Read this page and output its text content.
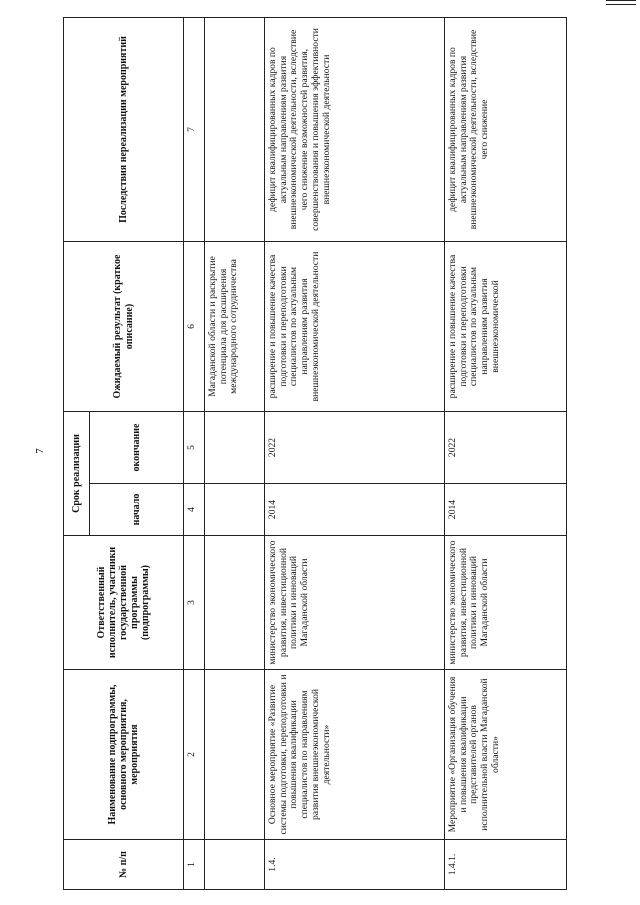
7
№ п/п	Наименование подпрограммы, основного мероприятия, мероприятия	Ответственный исполнитель, участники государственной программы (подпрограммы)	Срок реализации		Ожидаемый результат (краткое описание)	Последствия нереализации мероприятий
			начало	окончание		
1	2	3	4	5	6	7
					Магаданской области и раскрытие потенциала для расширения международного сотрудничества	
1.4.	Основное мероприятие «Развитие системы подготовки, переподготовки и повышения квалификации специалистов по направлениям развития внешнеэкономической деятельности»	министерство экономического развития, инвестиционной политики и инноваций Магаданской области	2014	2022	расширение и повышение качества подготовки и переподготовки специалистов по актуальным направлениям развития внешнеэкономической деятельности	дефицит квалифицированных кадров по актуальным направлениям развития внешнеэкономической деятельности, вследствие чего снижение возможностей развития, совершенствования и повышения эффективности внешнеэкономической деятельности
1.4.1.	Мероприятие «Организация обучения и повышения квалификации представителей органов исполнительной власти Магаданской области»	министерство экономического развития, инвестиционной политики и инноваций Магаданской области	2014	2022	расширение и повышение качества подготовки и переподготовки специалистов по актуальным направлениям развития внешнеэкономической	дефицит квалифицированных кадров по актуальным направлениям развития внешнеэкономической деятельности, вследствие чего снижение
